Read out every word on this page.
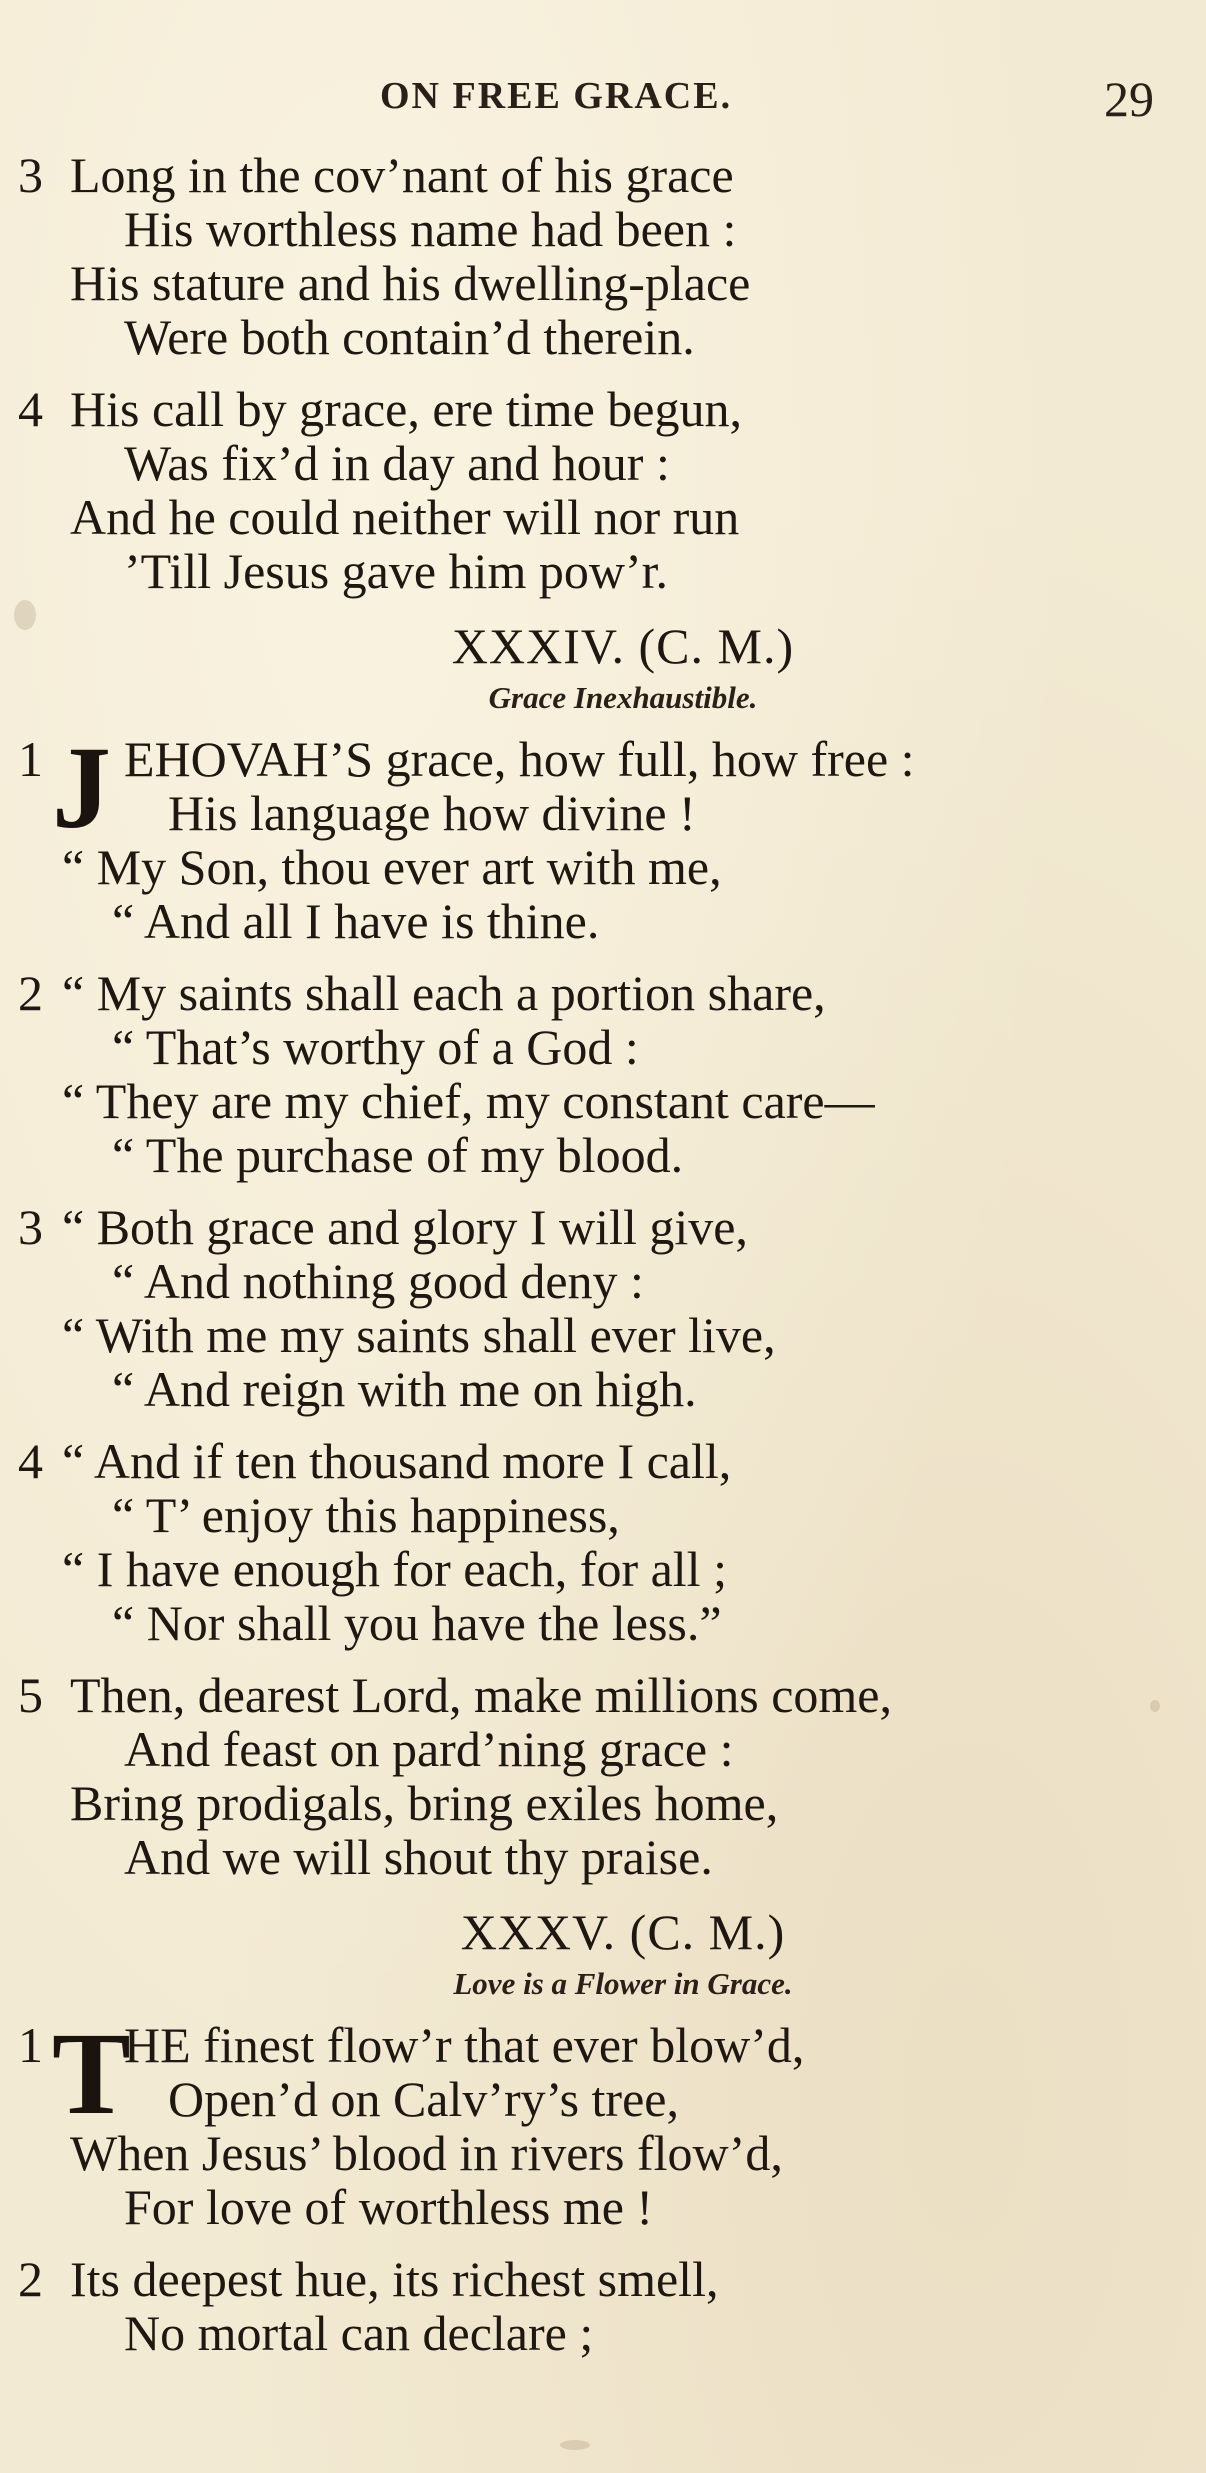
ON FREE GRACE.	29
3 Long in the cov’nant of his grace
His worthless name had been :
His stature and his dwelling-place
Were both contain’d therein.
4 His call by grace, ere time begun,
Was fix’d in day and hour :
And he could neither will nor run
’Till Jesus gave him pow’r.
XXXIV. (C. M.)
Grace Inexhaustible.
J
1 EHOVAH’S grace, how full, how free :
His language how divine !
“ My Son, thou ever art with me,
“ And all I have is thine.
2 “ My saints shall each a portion share,
“ That’s worthy of a God :
“ They are my chief, my constant care—
“ The purchase of my blood.
3 “ Both grace and glory I will give,
“ And nothing good deny :
“ With me my saints shall ever live,
“ And reign with me on high.
4 “ And if ten thousand more I call,
“ T’ enjoy this happiness,
“ I have enough for each, for all ;
“ Nor shall you have the less.”
5 Then, dearest Lord, make millions come,
And feast on pard’ning grace :
Bring prodigals, bring exiles home,
And we will shout thy praise.
XXXV. (C. M.)
Love is a Flower in Grace.
T
1 HE finest flow’r that ever blow’d,
Open’d on Calv’ry’s tree,
When Jesus’ blood in rivers flow’d,
For love of worthless me !
2 Its deepest hue, its richest smell,
No mortal can declare ;
